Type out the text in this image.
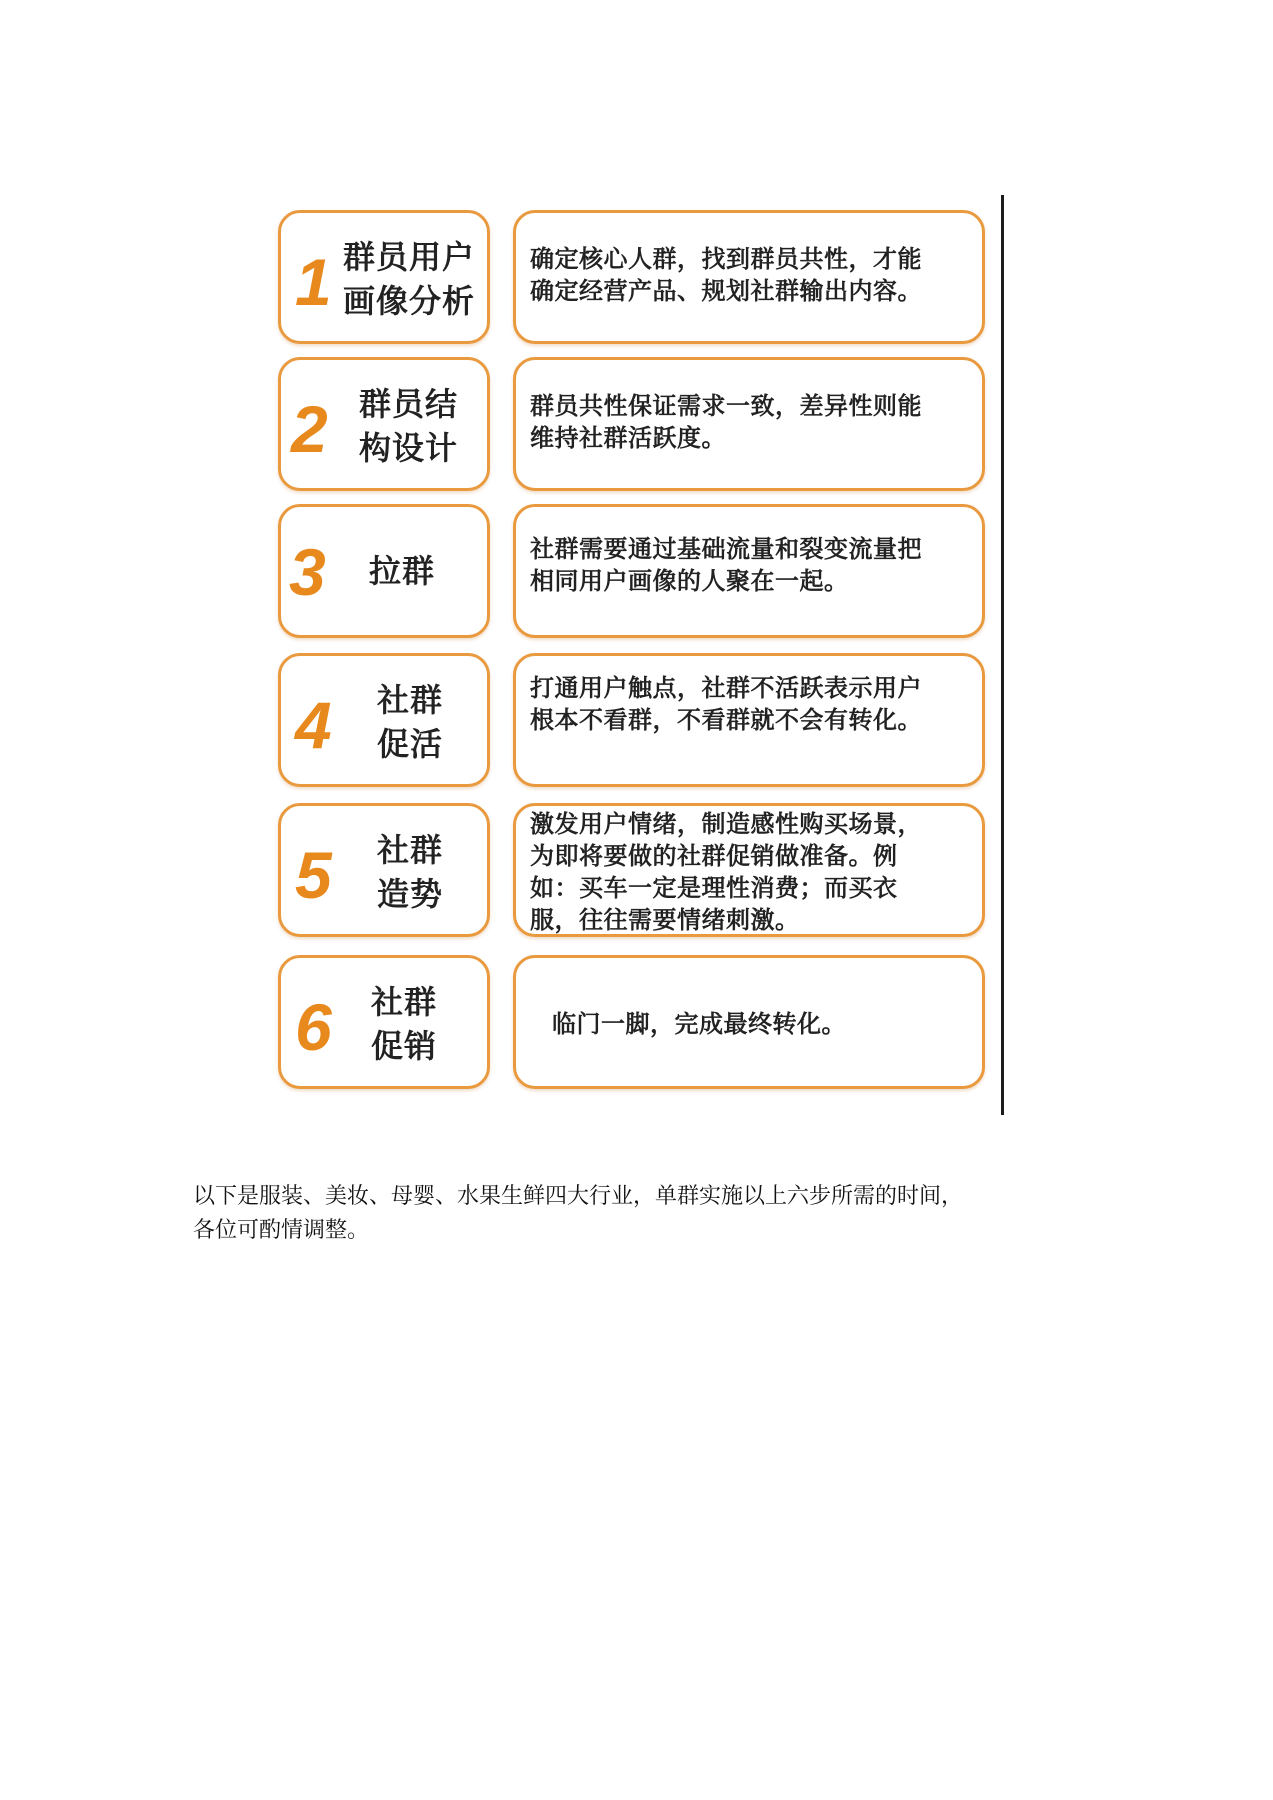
1 群员用户
画像分析
确定核心人群，找到群员共性，才能
确定经营产品、规划社群输出内容。
2 群员结
构设计
群员共性保证需求一致，差异性则能
维持社群活跃度。
3 拉群
社群需要通过基础流量和裂变流量把
相同用户画像的人聚在一起。
4 社群
促活
打通用户触点，社群不活跃表示用户
根本不看群，不看群就不会有转化。
5 社群
造势
激发用户情绪，制造感性购买场景，
为即将要做的社群促销做准备。例
如：买车一定是理性消费；而买衣
服，往往需要情绪刺激。
6 社群
促销
临门一脚，完成最终转化。

以下是服装、美妆、母婴、水果生鲜四大行业，单群实施以上六步所需的时间，
各位可酌情调整。
